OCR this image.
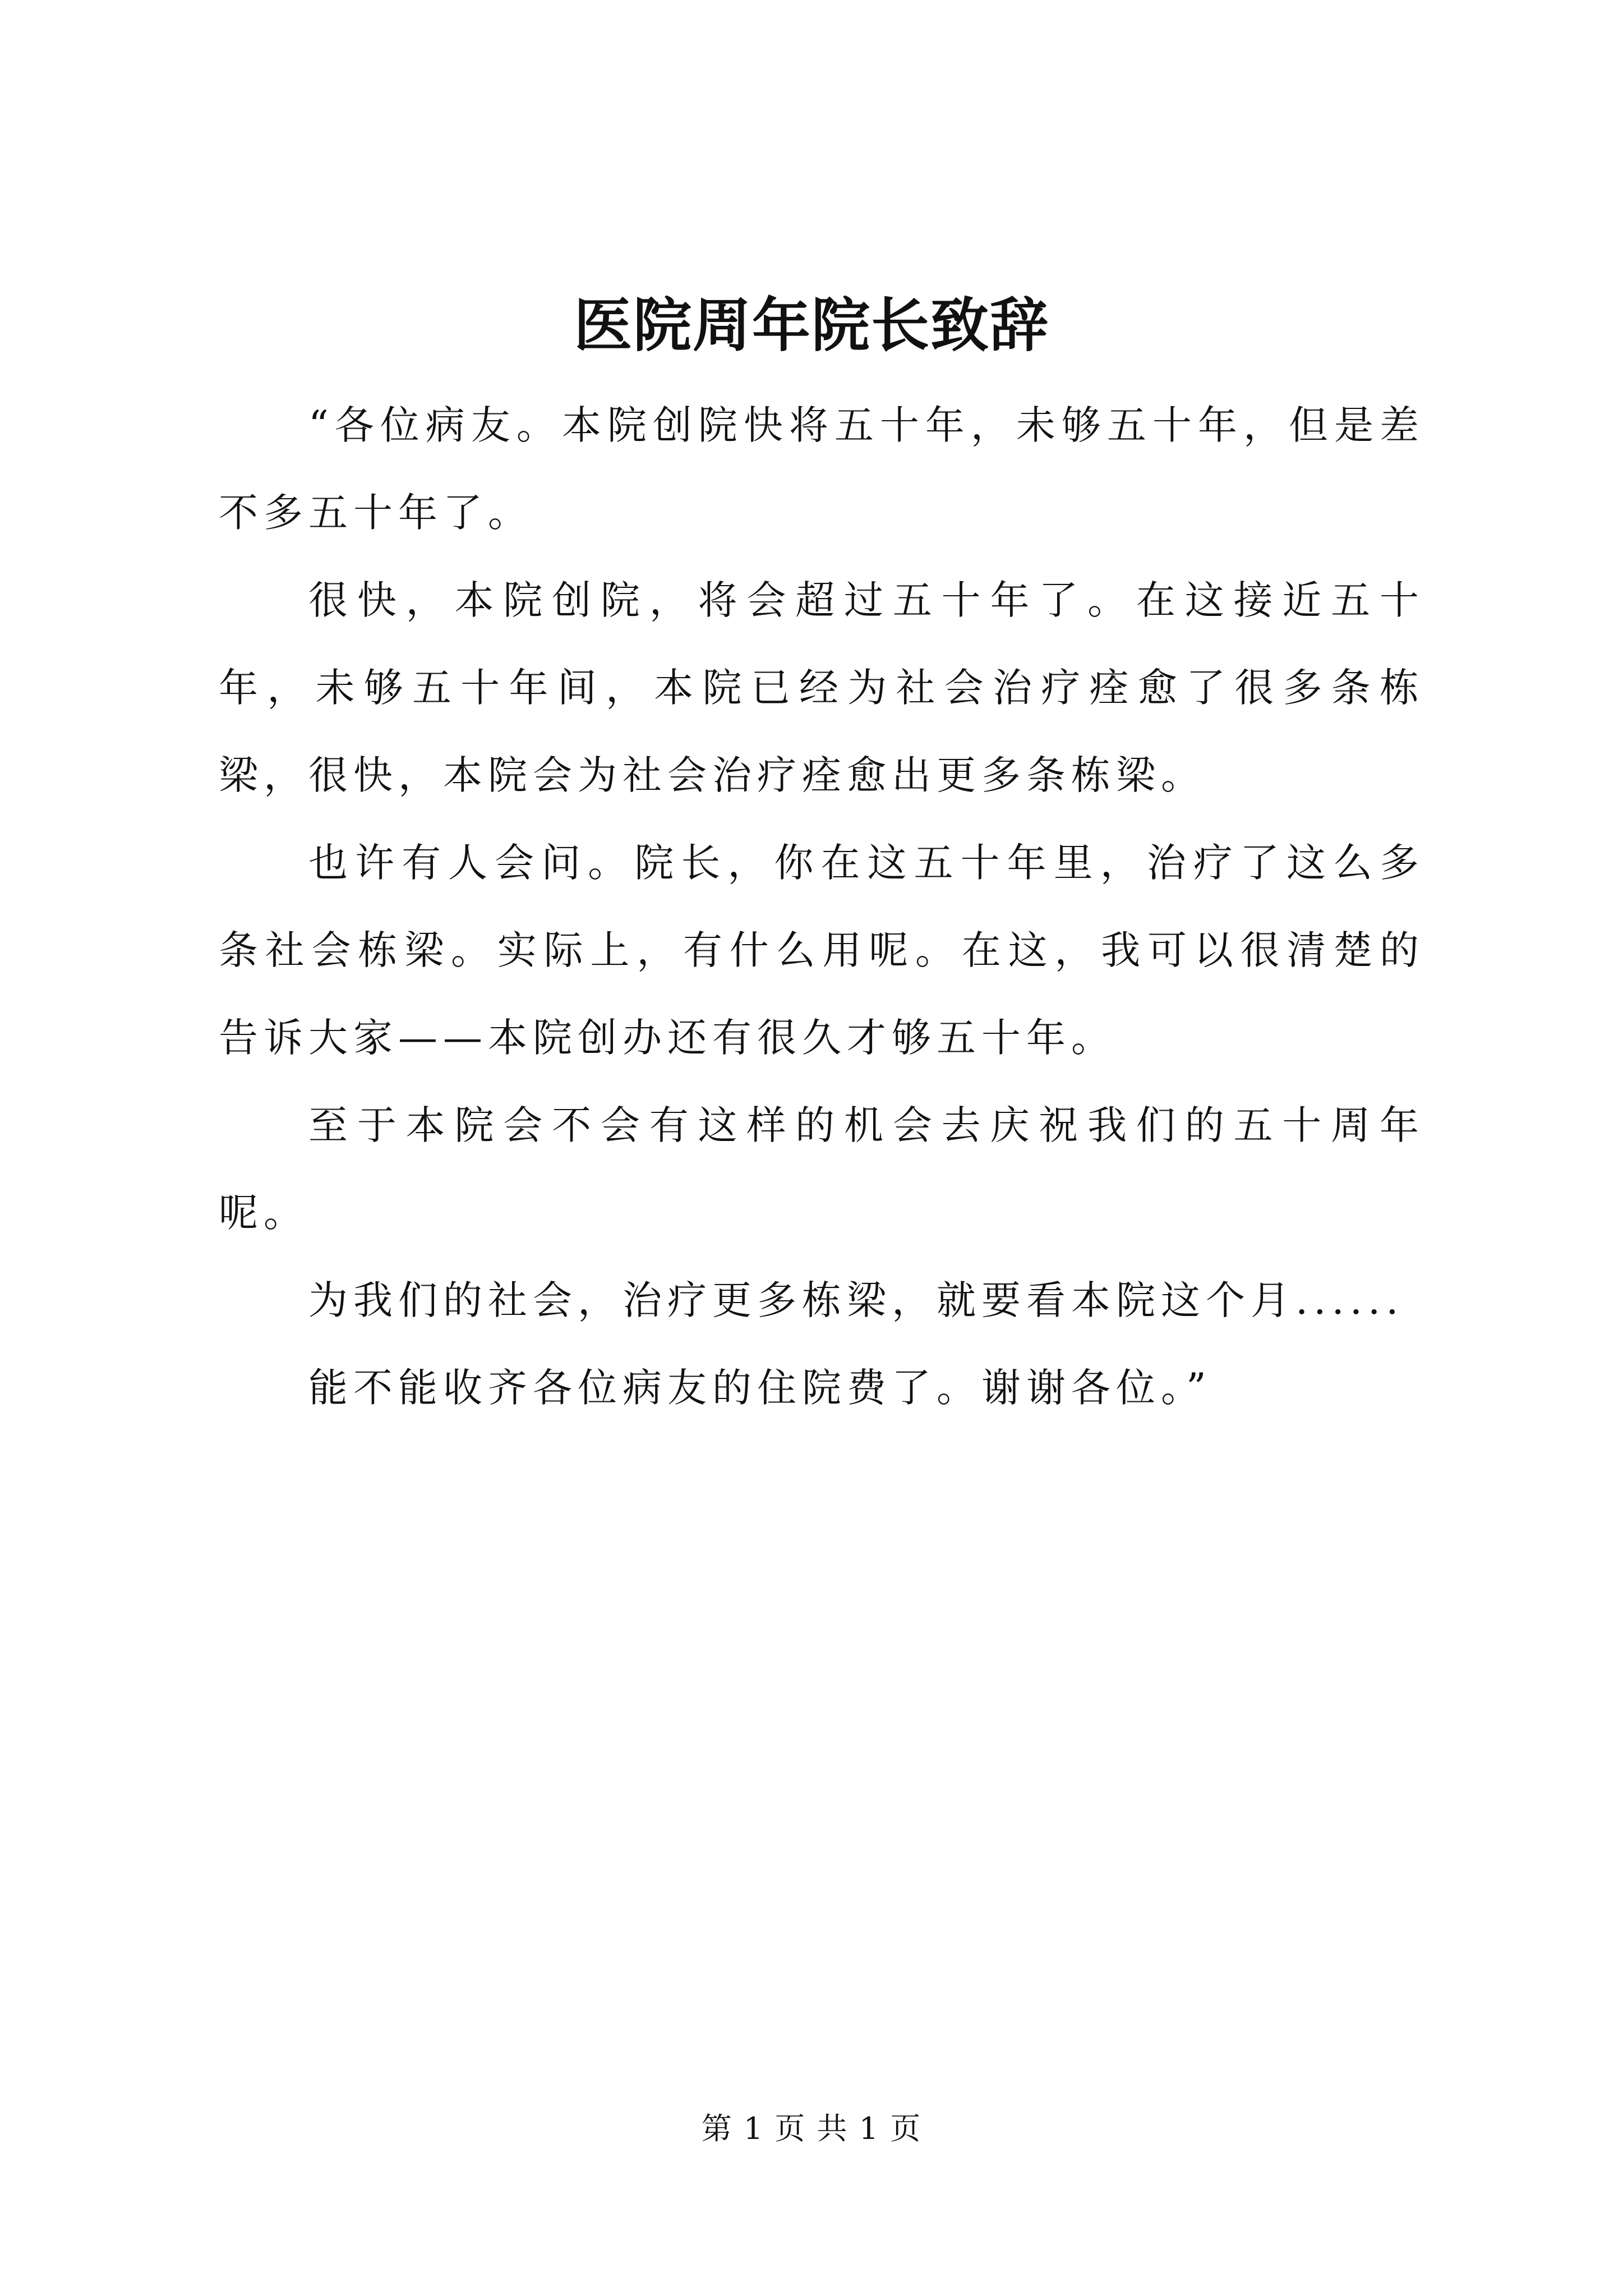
医院周年院长致辞

“各位病友。本院创院快将五十年，未够五十年，但是差不多五十年了。

很快，本院创院，将会超过五十年了。在这接近五十年，未够五十年间，本院已经为社会治疗痊愈了很多条栋梁，很快，本院会为社会治疗痊愈出更多条栋梁。

也许有人会问。院长，你在这五十年里，治疗了这么多条社会栋梁。实际上，有什么用呢。在这，我可以很清楚的告诉大家——本院创办还有很久才够五十年。

至于本院会不会有这样的机会去庆祝我们的五十周年呢。

为我们的社会，治疗更多栋梁，就要看本院这个月......

能不能收齐各位病友的住院费了。谢谢各位。”

第 1 页 共 1 页
